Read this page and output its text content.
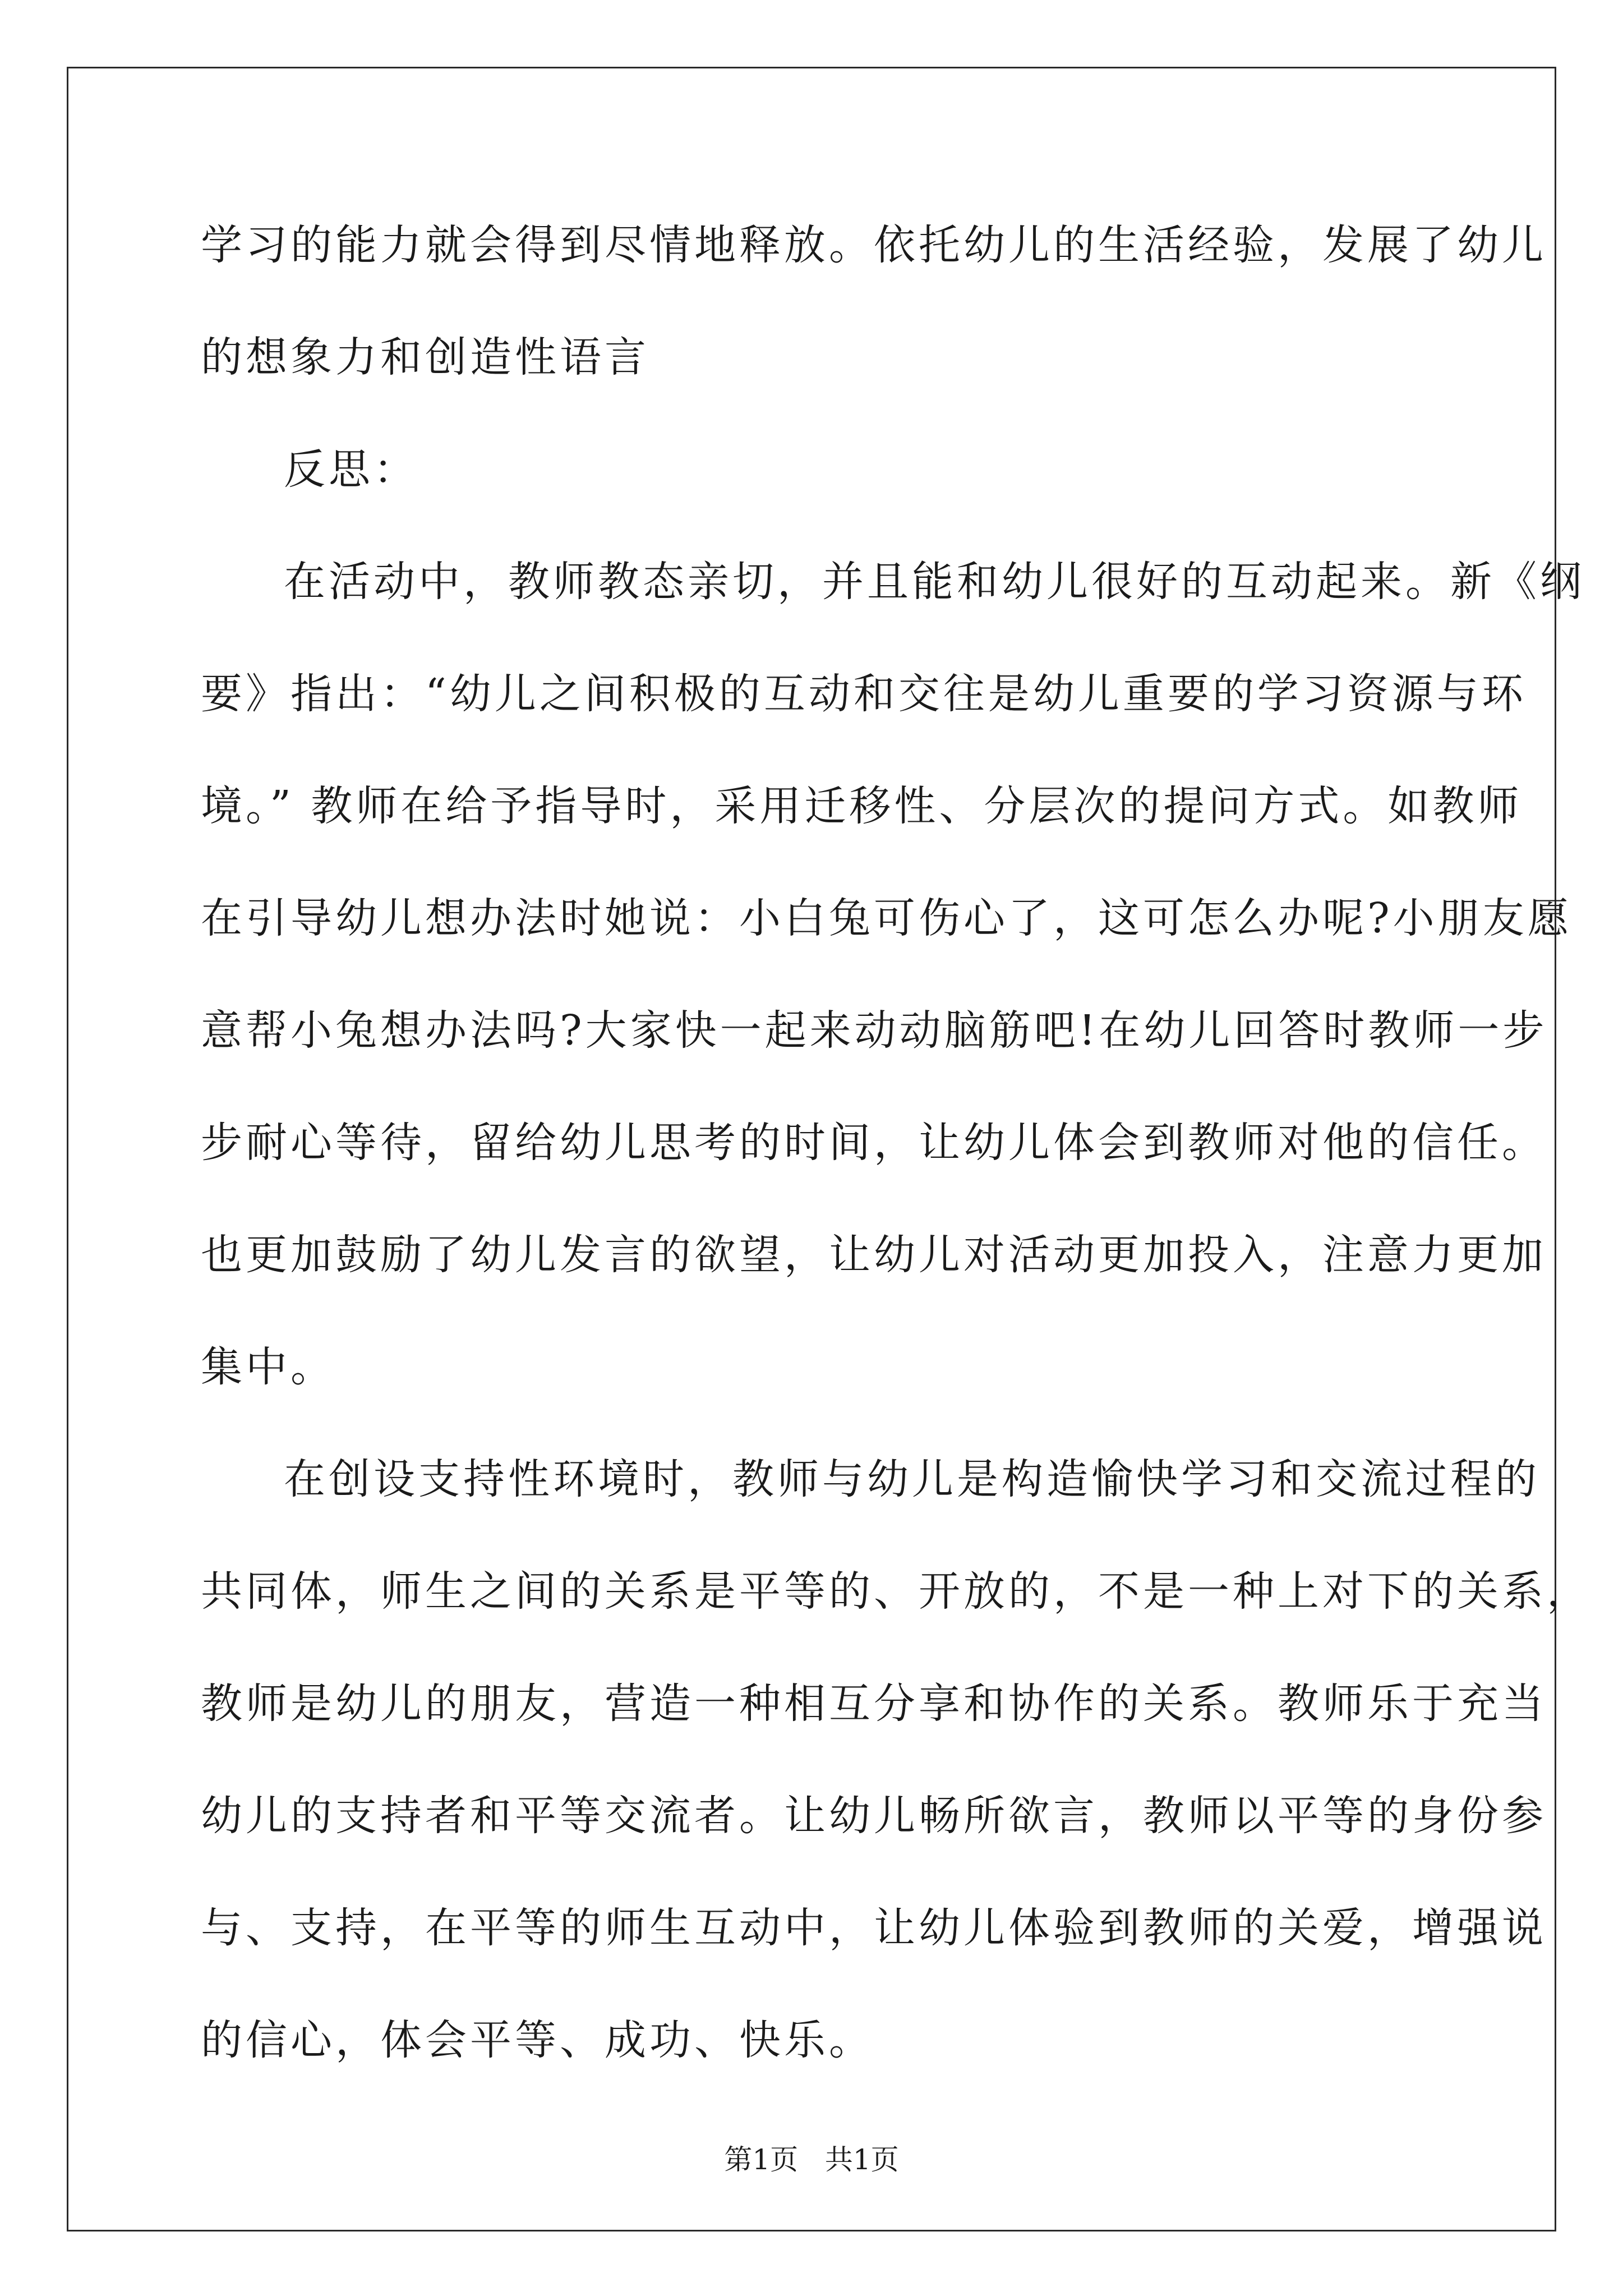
学习的能力就会得到尽情地释放。依托幼儿的生活经验，发展了幼儿
的想象力和创造性语言
反思：
在活动中，教师教态亲切，并且能和幼儿很好的互动起来。新《纲
要》指出：“幼儿之间积极的互动和交往是幼儿重要的学习资源与环
境。” 教师在给予指导时，采用迁移性、分层次的提问方式。如教师
在引导幼儿想办法时她说：小白兔可伤心了，这可怎么办呢?小朋友愿
意帮小兔想办法吗?大家快一起来动动脑筋吧!在幼儿回答时教师一步
步耐心等待，留给幼儿思考的时间，让幼儿体会到教师对他的信任。
也更加鼓励了幼儿发言的欲望，让幼儿对活动更加投入，注意力更加
集中。
在创设支持性环境时，教师与幼儿是构造愉快学习和交流过程的
共同体，师生之间的关系是平等的、开放的，不是一种上对下的关系，
教师是幼儿的朋友，营造一种相互分享和协作的关系。教师乐于充当
幼儿的支持者和平等交流者。让幼儿畅所欲言，教师以平等的身份参
与、支持，在平等的师生互动中，让幼儿体验到教师的关爱，增强说
的信心，体会平等、成功、快乐。
第1页   共1页
